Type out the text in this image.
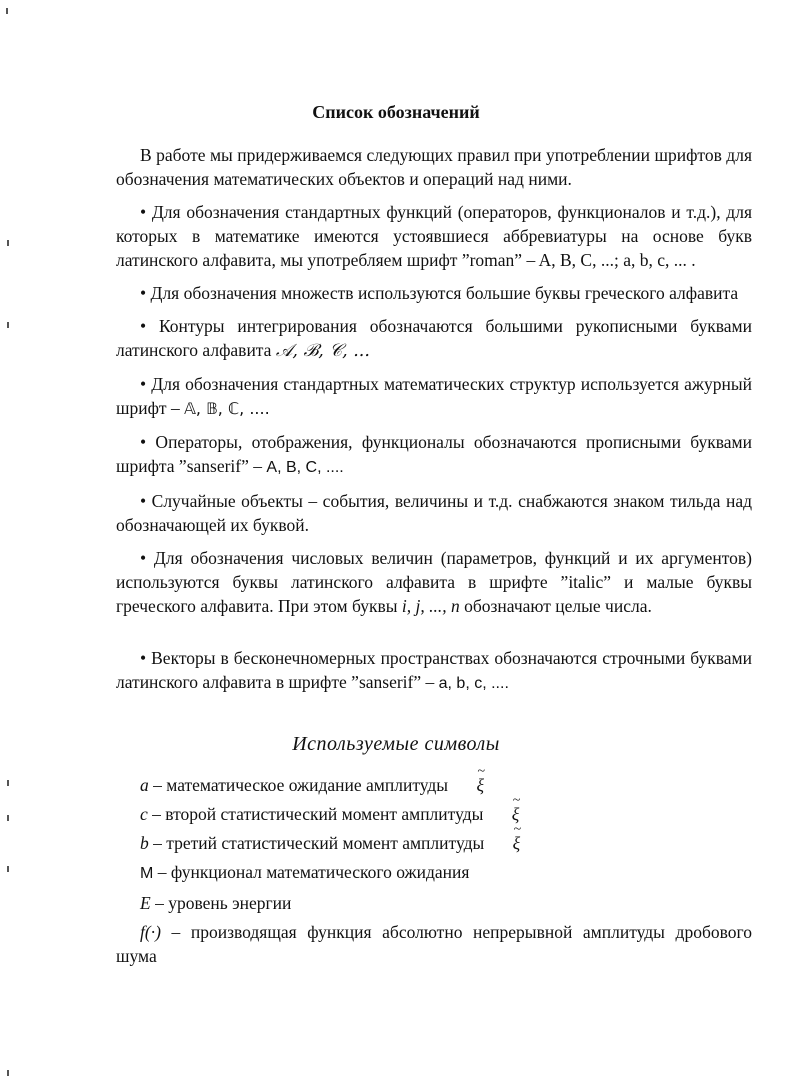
Список обозначений

В работе мы придерживаемся следующих правил при употреблении шрифтов для обозначения математических объектов и операций над ними.

• Для обозначения стандартных функций (операторов, функционалов и т.д.), для которых в математике имеются устоявшиеся аббревиатуры на основе букв латинского алфавита, мы употребляем шрифт ”roman” – A, B, C, ...; a, b, c, ... .

• Для обозначения множеств используются большие буквы греческого алфавита

• Контуры интегрирования обозначаются большими рукописными буквами латинского алфавита 𝒜, ℬ, 𝒞, ...

• Для обозначения стандартных математических структур используется ажурный шрифт – 𝔸, 𝔹, ℂ, ....

• Операторы, отображения, функционалы обозначаются прописными буквами шрифта ”sanserif” – A, B, C, ....

• Случайные объекты – события, величины и т.д. снабжаются знаком тильда над обозначающей их буквой.

• Для обозначения числовых величин (параметров, функций и их аргументов) используются буквы латинского алфавита в шрифте ”italic” и малые буквы греческого алфавита. При этом буквы i, j, ..., n обозначают целые числа.

• Векторы в бесконечномерных пространствах обозначаются строчными буквами латинского алфавита в шрифте ”sanserif” – a, b, c, ....

Используемые символы
a – математическое ожидание амплитуды ~ ξ
c – второй статистический момент амплитуды ~ ξ
b – третий статистический момент амплитуды ~ ξ
M – функционал математического ожидания
E – уровень энергии
f(·) – производящая функция абсолютно непрерывной амплитуды дробового шума
